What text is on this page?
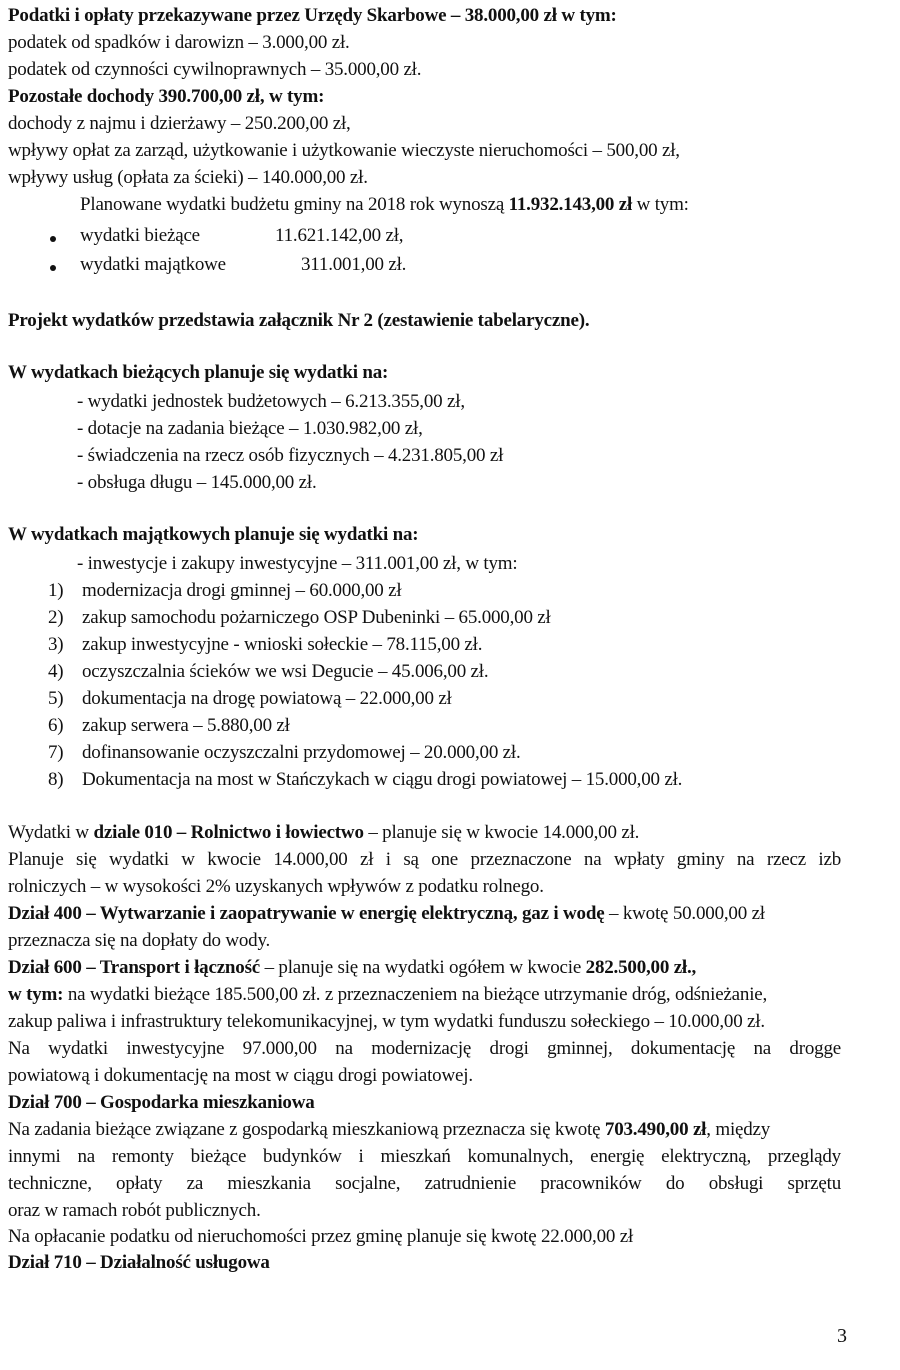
Podatki i opłaty przekazywane przez Urzędy Skarbowe – 38.000,00 zł w tym:
podatek od spadków i darowizn – 3.000,00 zł.
podatek od czynności cywilnoprawnych – 35.000,00 zł.
Pozostałe dochody 390.700,00 zł, w tym:
dochody z najmu i dzierżawy – 250.200,00 zł,
wpływy opłat za zarząd, użytkowanie i użytkowanie wieczyste nieruchomości – 500,00 zł,
wpływy usług (opłata za ścieki) – 140.000,00 zł.
Planowane wydatki budżetu gminy na 2018 rok wynoszą 11.932.143,00 zł w tym:
wydatki bieżące	11.621.142,00 zł,
wydatki majątkowe	311.001,00 zł.
Projekt wydatków przedstawia załącznik Nr 2 (zestawienie tabelaryczne).
W wydatkach bieżących planuje się wydatki na:
- wydatki jednostek budżetowych – 6.213.355,00 zł,
- dotacje na zadania bieżące – 1.030.982,00 zł,
- świadczenia na rzecz osób fizycznych – 4.231.805,00 zł
- obsługa długu – 145.000,00 zł.
W wydatkach majątkowych planuje się wydatki na:
- inwestycje i zakupy inwestycyjne – 311.001,00 zł, w tym:
1) modernizacja drogi gminnej – 60.000,00 zł
2) zakup samochodu pożarniczego OSP Dubeninki – 65.000,00 zł
3) zakup inwestycyjne - wnioski sołeckie – 78.115,00 zł.
4) oczyszczalnia ścieków we wsi Degucie – 45.006,00 zł.
5) dokumentacja na drogę powiatową – 22.000,00 zł
6) zakup serwera – 5.880,00 zł
7) dofinansowanie oczyszczalni przydomowej – 20.000,00 zł.
8) Dokumentacja na most w Stańczykach w ciągu drogi powiatowej – 15.000,00 zł.
Wydatki w dziale 010 – Rolnictwo i łowiectwo – planuje się w kwocie 14.000,00 zł.
Planuje się wydatki w kwocie 14.000,00 zł i są one przeznaczone na wpłaty gminy na rzecz izb
rolniczych – w wysokości 2% uzyskanych wpływów z podatku rolnego.
Dział 400 – Wytwarzanie i zaopatrywanie w energię elektryczną, gaz i wodę – kwotę 50.000,00 zł
przeznacza się na dopłaty do wody.
Dział 600 – Transport i łączność – planuje się na wydatki ogółem w kwocie 282.500,00 zł.,
w tym: na wydatki bieżące 185.500,00 zł. z przeznaczeniem na bieżące utrzymanie dróg, odśnieżanie,
zakup paliwa i infrastruktury telekomunikacyjnej, w tym wydatki funduszu sołeckiego – 10.000,00 zł.
Na wydatki inwestycyjne 97.000,00 na modernizację drogi gminnej, dokumentację na drogge
powiatową i dokumentację na most w ciągu drogi powiatowej.
Dział 700 – Gospodarka mieszkaniowa
Na zadania bieżące związane z gospodarką mieszkaniową przeznacza się kwotę 703.490,00 zł, między
innymi na remonty bieżące budynków i mieszkań komunalnych, energię elektryczną, przeglądy
techniczne, opłaty za mieszkania socjalne, zatrudnienie pracowników do obsługi sprzętu
oraz w ramach robót publicznych.
Na opłacanie podatku od nieruchomości przez gminę planuje się kwotę 22.000,00 zł
Dział 710 – Działalność usługowa
3
